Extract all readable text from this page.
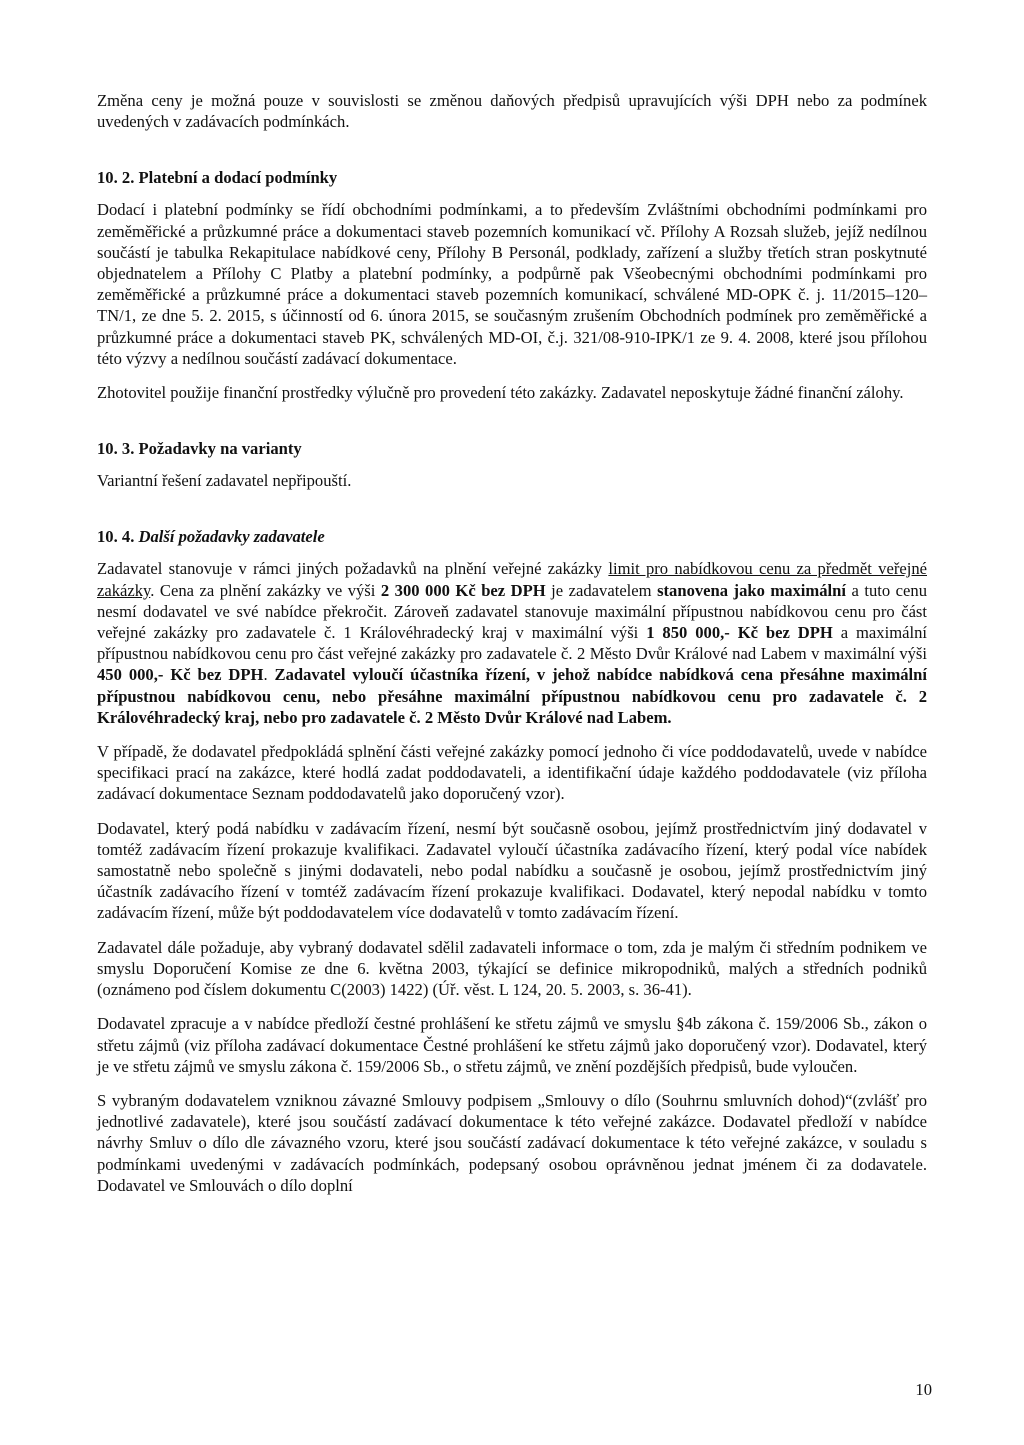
Změna ceny je možná pouze v souvislosti se změnou daňových předpisů upravujících výši DPH nebo za podmínek uvedených v zadávacích podmínkách.

10. 2. Platební a dodací podmínky

Dodací i platební podmínky se řídí obchodními podmínkami, a to především Zvláštními obchodními podmínkami pro zeměměřické a průzkumné práce a dokumentaci staveb pozemních komunikací vč. Přílohy A Rozsah služeb, jejíž nedílnou součástí je tabulka Rekapitulace nabídkové ceny, Přílohy B Personál, podklady, zařízení a služby třetích stran poskytnuté objednatelem a Přílohy C Platby a platební podmínky, a podpůrně pak Všeobecnými obchodními podmínkami pro zeměměřické a průzkumné práce a dokumentaci staveb pozemních komunikací, schválené MD-OPK č. j. 11/2015–120–TN/1, ze dne 5. 2. 2015, s účinností od 6. února 2015, se současným zrušením Obchodních podmínek pro zeměměřické a průzkumné práce a dokumentaci staveb PK, schválených MD-OI, č.j. 321/08-910-IPK/1 ze 9. 4. 2008, které jsou přílohou této výzvy a nedílnou součástí zadávací dokumentace.

Zhotovitel použije finanční prostředky výlučně pro provedení této zakázky. Zadavatel neposkytuje žádné finanční zálohy.

10. 3. Požadavky na varianty

Variantní řešení zadavatel nepřipouští.

10. 4. Další požadavky zadavatele

Zadavatel stanovuje v rámci jiných požadavků na plnění veřejné zakázky limit pro nabídkovou cenu za předmět veřejné zakázky. Cena za plnění zakázky ve výši 2 300 000 Kč bez DPH je zadavatelem stanovena jako maximální a tuto cenu nesmí dodavatel ve své nabídce překročit. Zároveň zadavatel stanovuje maximální přípustnou nabídkovou cenu pro část veřejné zakázky pro zadavatele č. 1 Královéhradecký kraj v maximální výši 1 850 000,- Kč bez DPH a maximální přípustnou nabídkovou cenu pro část veřejné zakázky pro zadavatele č. 2 Město Dvůr Králové nad Labem v maximální výši 450 000,- Kč bez DPH. Zadavatel vyloučí účastníka řízení, v jehož nabídce nabídková cena přesáhne maximální přípustnou nabídkovou cenu, nebo přesáhne maximální přípustnou nabídkovou cenu pro zadavatele č. 2 Královéhradecký kraj, nebo pro zadavatele č. 2 Město Dvůr Králové nad Labem.

V případě, že dodavatel předpokládá splnění části veřejné zakázky pomocí jednoho či více poddodavatelů, uvede v nabídce specifikaci prací na zakázce, které hodlá zadat poddodavateli, a identifikační údaje každého poddodavatele (viz příloha zadávací dokumentace Seznam poddodavatelů jako doporučený vzor).

Dodavatel, který podá nabídku v zadávacím řízení, nesmí být současně osobou, jejímž prostřednictvím jiný dodavatel v tomtéž zadávacím řízení prokazuje kvalifikaci. Zadavatel vyloučí účastníka zadávacího řízení, který podal více nabídek samostatně nebo společně s jinými dodavateli, nebo podal nabídku a současně je osobou, jejímž prostřednictvím jiný účastník zadávacího řízení v tomtéž zadávacím řízení prokazuje kvalifikaci. Dodavatel, který nepodal nabídku v tomto zadávacím řízení, může být poddodavatelem více dodavatelů v tomto zadávacím řízení.

Zadavatel dále požaduje, aby vybraný dodavatel sdělil zadavateli informace o tom, zda je malým či středním podnikem ve smyslu Doporučení Komise ze dne 6. května 2003, týkající se definice mikropodniků, malých a středních podniků (oznámeno pod číslem dokumentu C(2003) 1422) (Úř. věst. L 124, 20. 5. 2003, s. 36-41).

Dodavatel zpracuje a v nabídce předloží čestné prohlášení ke střetu zájmů ve smyslu §4b zákona č. 159/2006 Sb., zákon o střetu zájmů (viz příloha zadávací dokumentace Čestné prohlášení ke střetu zájmů jako doporučený vzor). Dodavatel, který je ve střetu zájmů ve smyslu zákona č. 159/2006 Sb., o střetu zájmů, ve znění pozdějších předpisů, bude vyloučen.

S vybraným dodavatelem vzniknou závazné Smlouvy podpisem „Smlouvy o dílo (Souhrnu smluvních dohod)“(zvlášť pro jednotlivé zadavatele), které jsou součástí zadávací dokumentace k této veřejné zakázce. Dodavatel předloží v nabídce návrhy Smluv o dílo dle závazného vzoru, které jsou součástí zadávací dokumentace k této veřejné zakázce, v souladu s podmínkami uvedenými v zadávacích podmínkách, podepsaný osobou oprávněnou jednat jménem či za dodavatele. Dodavatel ve Smlouvách o dílo doplní

10
